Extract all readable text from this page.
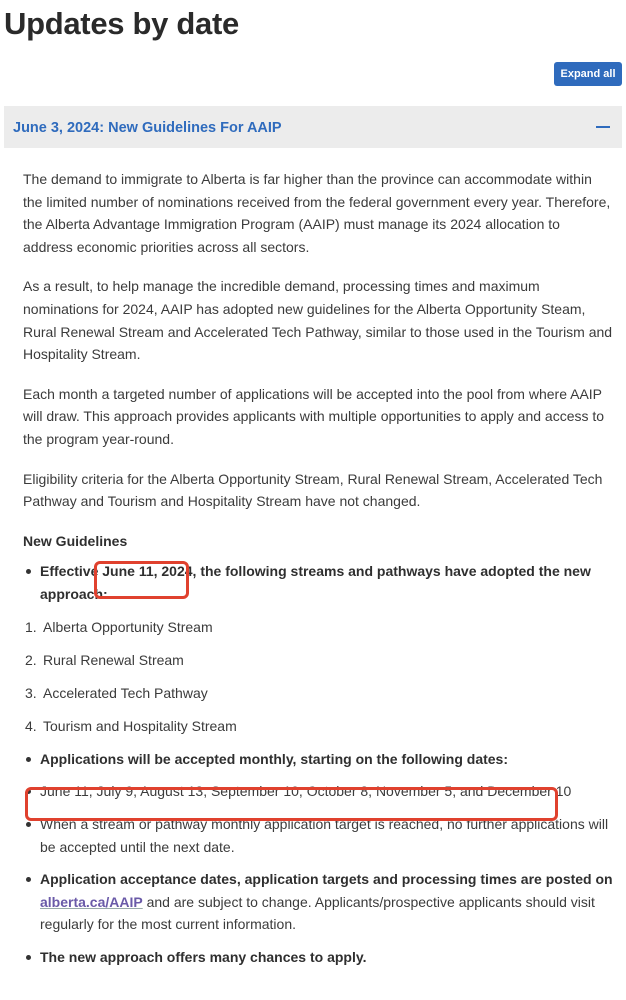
Updates by date
Expand all
June 3, 2024: New Guidelines For AAIP

The demand to immigrate to Alberta is far higher than the province can accommodate within the limited number of nominations received from the federal government every year. Therefore, the Alberta Advantage Immigration Program (AAIP) must manage its 2024 allocation to address economic priorities across all sectors.

As a result, to help manage the incredible demand, processing times and maximum nominations for 2024, AAIP has adopted new guidelines for the Alberta Opportunity Steam, Rural Renewal Stream and Accelerated Tech Pathway, similar to those used in the Tourism and Hospitality Stream.

Each month a targeted number of applications will be accepted into the pool from where AAIP will draw. This approach provides applicants with multiple opportunities to apply and access to the program year-round.

Eligibility criteria for the Alberta Opportunity Stream, Rural Renewal Stream, Accelerated Tech Pathway and Tourism and Hospitality Stream have not changed.

New Guidelines
Effective June 11, 2024, the following streams and pathways have adopted the new approach:
1. Alberta Opportunity Stream
2. Rural Renewal Stream
3. Accelerated Tech Pathway
4. Tourism and Hospitality Stream
Applications will be accepted monthly, starting on the following dates:
June 11, July 9, August 13, September 10, October 8, November 5, and December 10
When a stream or pathway monthly application target is reached, no further applications will be accepted until the next date.
Application acceptance dates, application targets and processing times are posted on alberta.ca/AAIP and are subject to change. Applicants/prospective applicants should visit regularly for the most current information.
The new approach offers many chances to apply.
